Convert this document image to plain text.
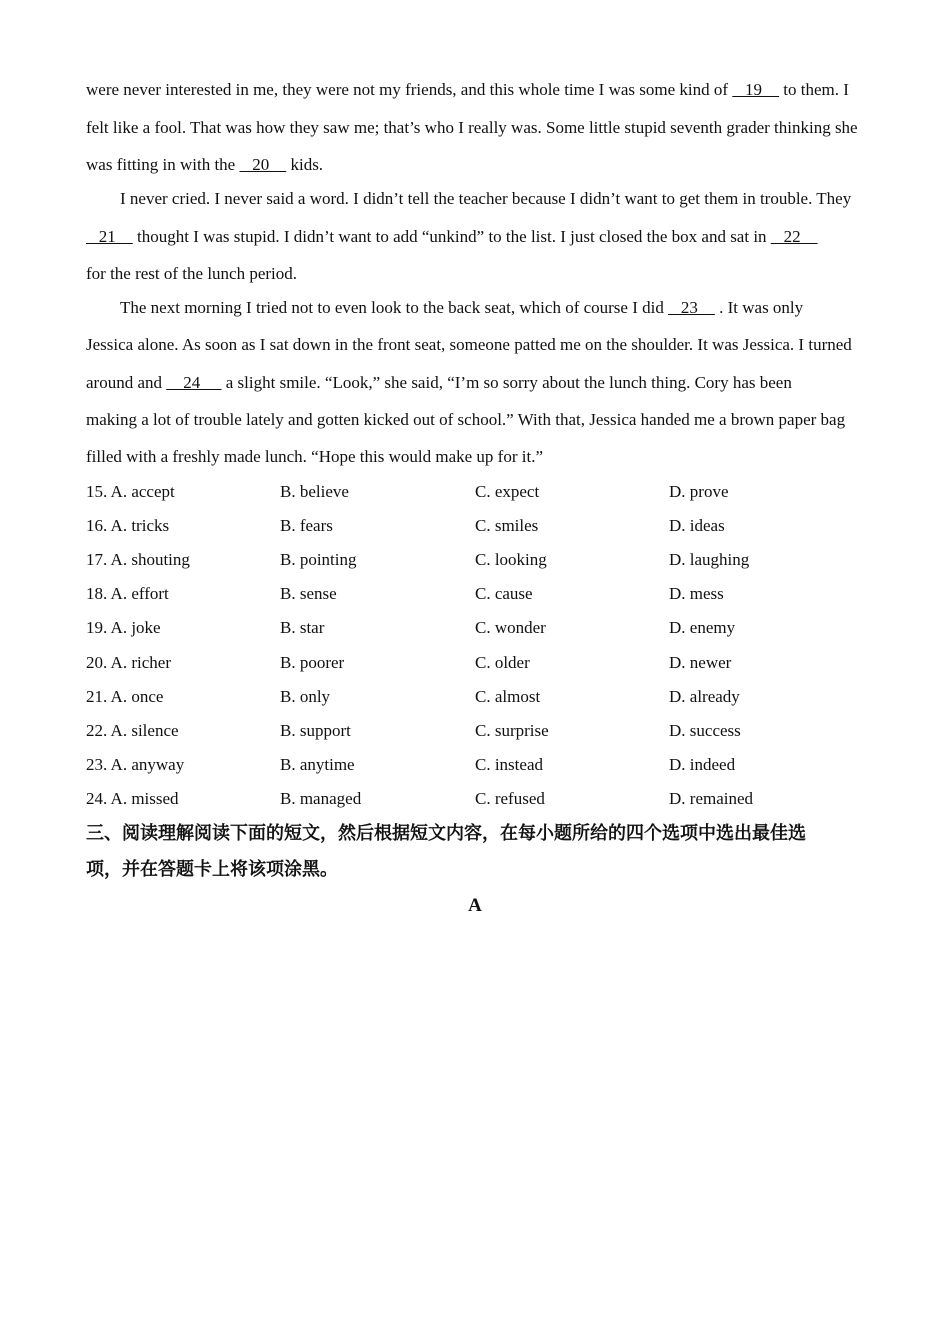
were never interested in me, they were not my friends, and this whole time I was some kind of    19     to them. I
felt like a fool. That was how they saw me; that’s who I really was. Some little stupid seventh grader thinking she
was fitting in with the    20     kids.
I never cried. I never said a word. I didn’t tell the teacher because I didn’t want to get them in trouble. They
21     thought I was stupid. I didn’t want to add “unkind” to the list. I just closed the box and sat in    22
for the rest of the lunch period.
The next morning I tried not to even look to the back seat, which of course I did    23     . It was only
Jessica alone. As soon as I sat down in the front seat, someone patted me on the shoulder. It was Jessica. I turned
around and     24      a slight smile. “Look,” she said, “I’m so sorry about the lunch thing. Cory has been
making a lot of trouble lately and gotten kicked out of school.” With that, Jessica handed me a brown paper bag
filled with a freshly made lunch. “Hope this would make up for it.”
15. A. accept	B. believe	C. expect	D. prove
16. A. tricks	B. fears	C. smiles	D. ideas
17. A. shouting	B. pointing	C. looking	D. laughing
18. A. effort	B. sense	C. cause	D. mess
19. A. joke	B. star	C. wonder	D. enemy
20. A. richer	B. poorer	C. older	D. newer
21. A. once	B. only	C. almost	D. already
22. A. silence	B. support	C. surprise	D. success
23. A. anyway	B. anytime	C. instead	D. indeed
24. A. missed	B. managed	C. refused	D. remained
三、阅读理解阅读下面的短文，然后根据短文内容，在每小题所给的四个选项中选出最佳选
项，并在答题卡上将该项涂黑。
A
